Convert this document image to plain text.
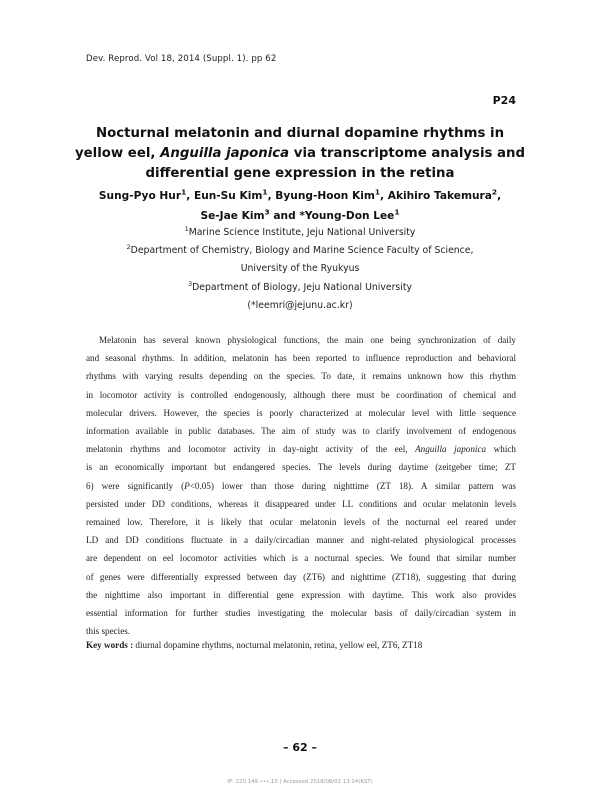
Dev. Reprod. Vol 18, 2014 (Suppl. 1). pp 62
P24
Nocturnal melatonin and diurnal dopamine rhythms in
yellow eel, Anguilla japonica via transcriptome analysis and
differential gene expression in the retina
Sung-Pyo Hur$^1$, Eun-Su Kim$^1$, Byung-Hoon Kim$^1$, Akihiro Takemura$^2$,
Se-Jae Kim$^3$ and *Young-Don Lee$^1$
$^1$Marine Science Institute, Jeju National University
$^2$Department of Chemistry, Biology and Marine Science Faculty of Science,
University of the Ryukyus
$^3$Department of Biology, Jeju National University
(*leemri@jejunu.ac.kr)
Melatonin has several known physiological functions, the main one being synchronization of daily
and seasonal rhythms. In addition, melatonin has been reported to influence reproduction and behavioral
rhythms with varying results depending on the species. To date, it remains unknown how this rhythm
in locomotor activity is controlled endogenously, although there must be coordination of chemical and
molecular drivers. However, the species is poorly characterized at molecular level with little sequence
information available in public databases. The aim of study was to clarify involvement of endogenous
melatonin rhythms and locomotor activity in day-night activity of the eel, Anguilla japonica which
is an economically important but endangered species. The levels during daytime (zeitgeber time; ZT
6) were significantly (P<0.05) lower than those during nighttime (ZT 18). A similar pattern was
persisted under DD conditions, whereas it disappeared under LL conditions and ocular melatonin levels
remained low. Therefore, it is likely that ocular melatonin levels of the nocturnal eel reared under
LD and DD conditions fluctuate in a daily/circadian manner and night-related physiological processes
are dependent on eel locomotor activities which is a nocturnal species. We found that similar number
of genes were differentially expressed between day (ZT6) and nighttime (ZT18), suggesting that during
the nighttime also important in differential gene expression with daytime. This work also provides
essential information for further studies investigating the molecular basis of daily/circadian system in
this species.
Key words : diurnal dopamine rhythms, nocturnal melatonin, retina, yellow eel, ZT6, ZT18
– 62 –
IP: 220.149.•••.10 | Accessed 2018/08/02 13:14(KST)
